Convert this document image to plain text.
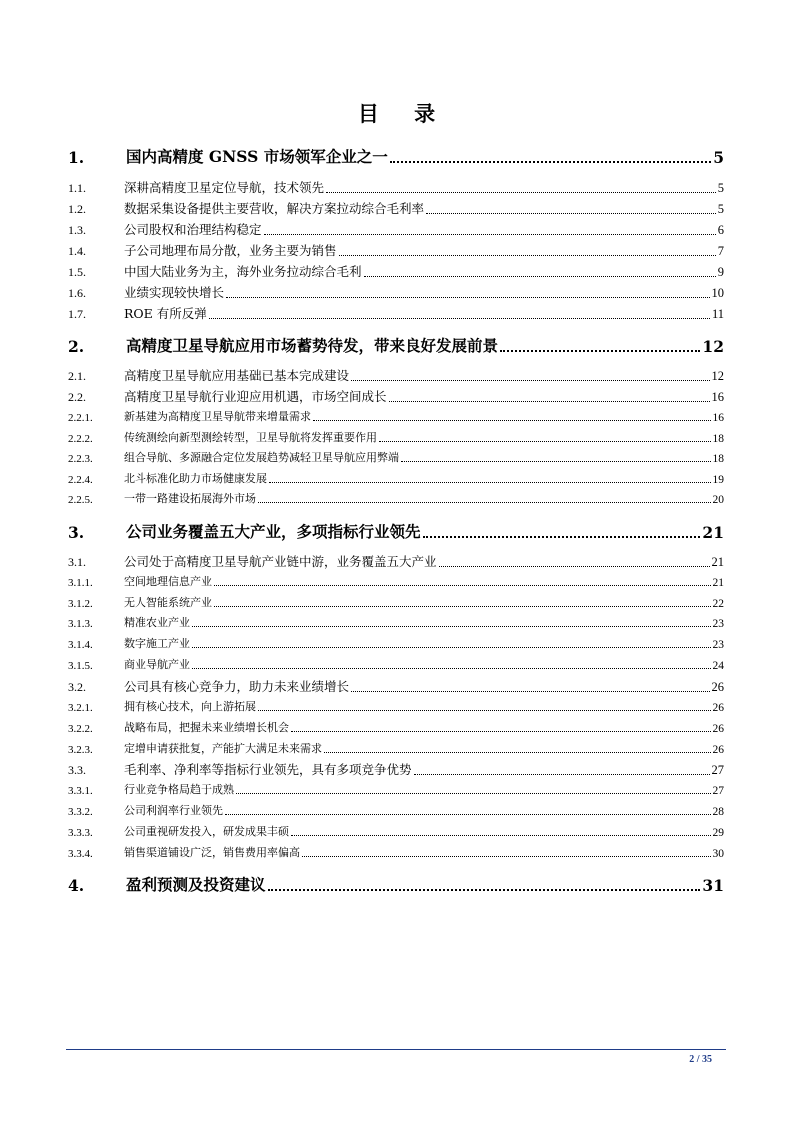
目 录
1.	国内高精度 GNSS 市场领军企业之一	5
1.1.	深耕高精度卫星定位导航，技术领先	5
1.2.	数据采集设备提供主要营收，解决方案拉动综合毛利率	5
1.3.	公司股权和治理结构稳定	6
1.4.	子公司地理布局分散，业务主要为销售	7
1.5.	中国大陆业务为主，海外业务拉动综合毛利	9
1.6.	业绩实现较快增长	10
1.7.	ROE 有所反弹	11
2.	高精度卫星导航应用市场蓄势待发，带来良好发展前景	12
2.1.	高精度卫星导航应用基础已基本完成建设	12
2.2.	高精度卫星导航行业迎应用机遇，市场空间成长	16
2.2.1.	新基建为高精度卫星导航带来增量需求	16
2.2.2.	传统测绘向新型测绘转型，卫星导航将发挥重要作用	18
2.2.3.	组合导航、多源融合定位发展趋势减轻卫星导航应用弊端	18
2.2.4.	北斗标准化助力市场健康发展	19
2.2.5.	一带一路建设拓展海外市场	20
3.	公司业务覆盖五大产业，多项指标行业领先	21
3.1.	公司处于高精度卫星导航产业链中游，业务覆盖五大产业	21
3.1.1.	空间地理信息产业	21
3.1.2.	无人智能系统产业	22
3.1.3.	精准农业产业	23
3.1.4.	数字施工产业	23
3.1.5.	商业导航产业	24
3.2.	公司具有核心竞争力，助力未来业绩增长	26
3.2.1.	拥有核心技术，向上游拓展	26
3.2.2.	战略布局，把握未来业绩增长机会	26
3.2.3.	定增申请获批复，产能扩大满足未来需求	26
3.3.	毛利率、净利率等指标行业领先，具有多项竞争优势	27
3.3.1.	行业竞争格局趋于成熟	27
3.3.2.	公司利润率行业领先	28
3.3.3.	公司重视研发投入，研发成果丰硕	29
3.3.4.	销售渠道铺设广泛，销售费用率偏高	30
4.	盈利预测及投资建议	31
2 / 35
